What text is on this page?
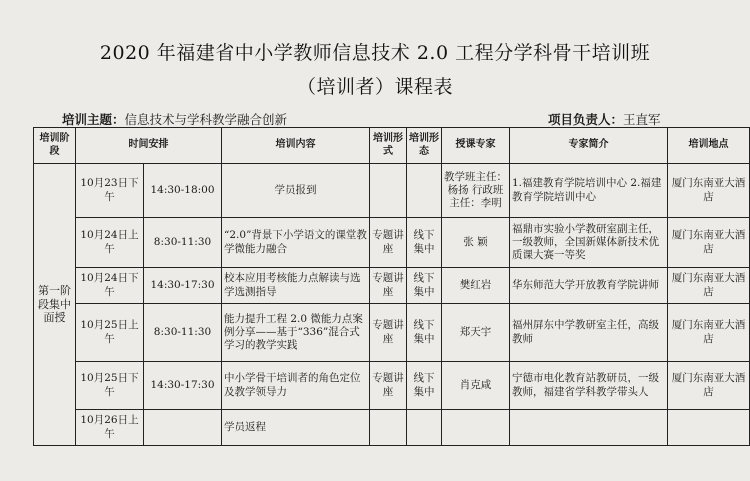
2020 年福建省中小学教师信息技术 2.0 工程分学科骨干培训班
（培训者）课程表
培训主题：信息技术与学科教学融合创新	项目负责人：王直军
培训阶段	时间安排		培训内容	培训形式	培训形态	授课专家	专家简介	培训地点
第一阶段集中面授	10月23日下午	14:30-18:00	学员报到			教学班主任：杨扬 行政班主任：李明	1.福建教育学院培训中心 2.福建教育学院培训中心	厦门东南亚大酒店
	10月24日上午	8:30-11:30	“2.0”背景下小学语文的课堂教学微能力融合	专题讲座	线下集中	张 颖	福鼎市实验小学教研室副主任，一级教师，全国新媒体新技术优质课大赛一等奖	厦门东南亚大酒店
	10月24日下午	14:30-17:30	校本应用考核能力点解读与选学选测指导	专题讲座	线下集中	樊红岩	华东师范大学开放教育学院讲师	厦门东南亚大酒店
	10月25日上午	8:30-11:30	能力提升工程 2.0 微能力点案例分享——基于“336”混合式学习的教学实践	专题讲座	线下集中	郑天宇	福州屏东中学教研室主任，高级教师	厦门东南亚大酒店
	10月25日下午	14:30-17:30	中小学骨干培训者的角色定位及教学领导力	专题讲座	线下集中	肖克咸	宁德市电化教育站教研员，一级教师，福建省学科教学带头人	厦门东南亚大酒店
	10月26日上午		学员返程					
